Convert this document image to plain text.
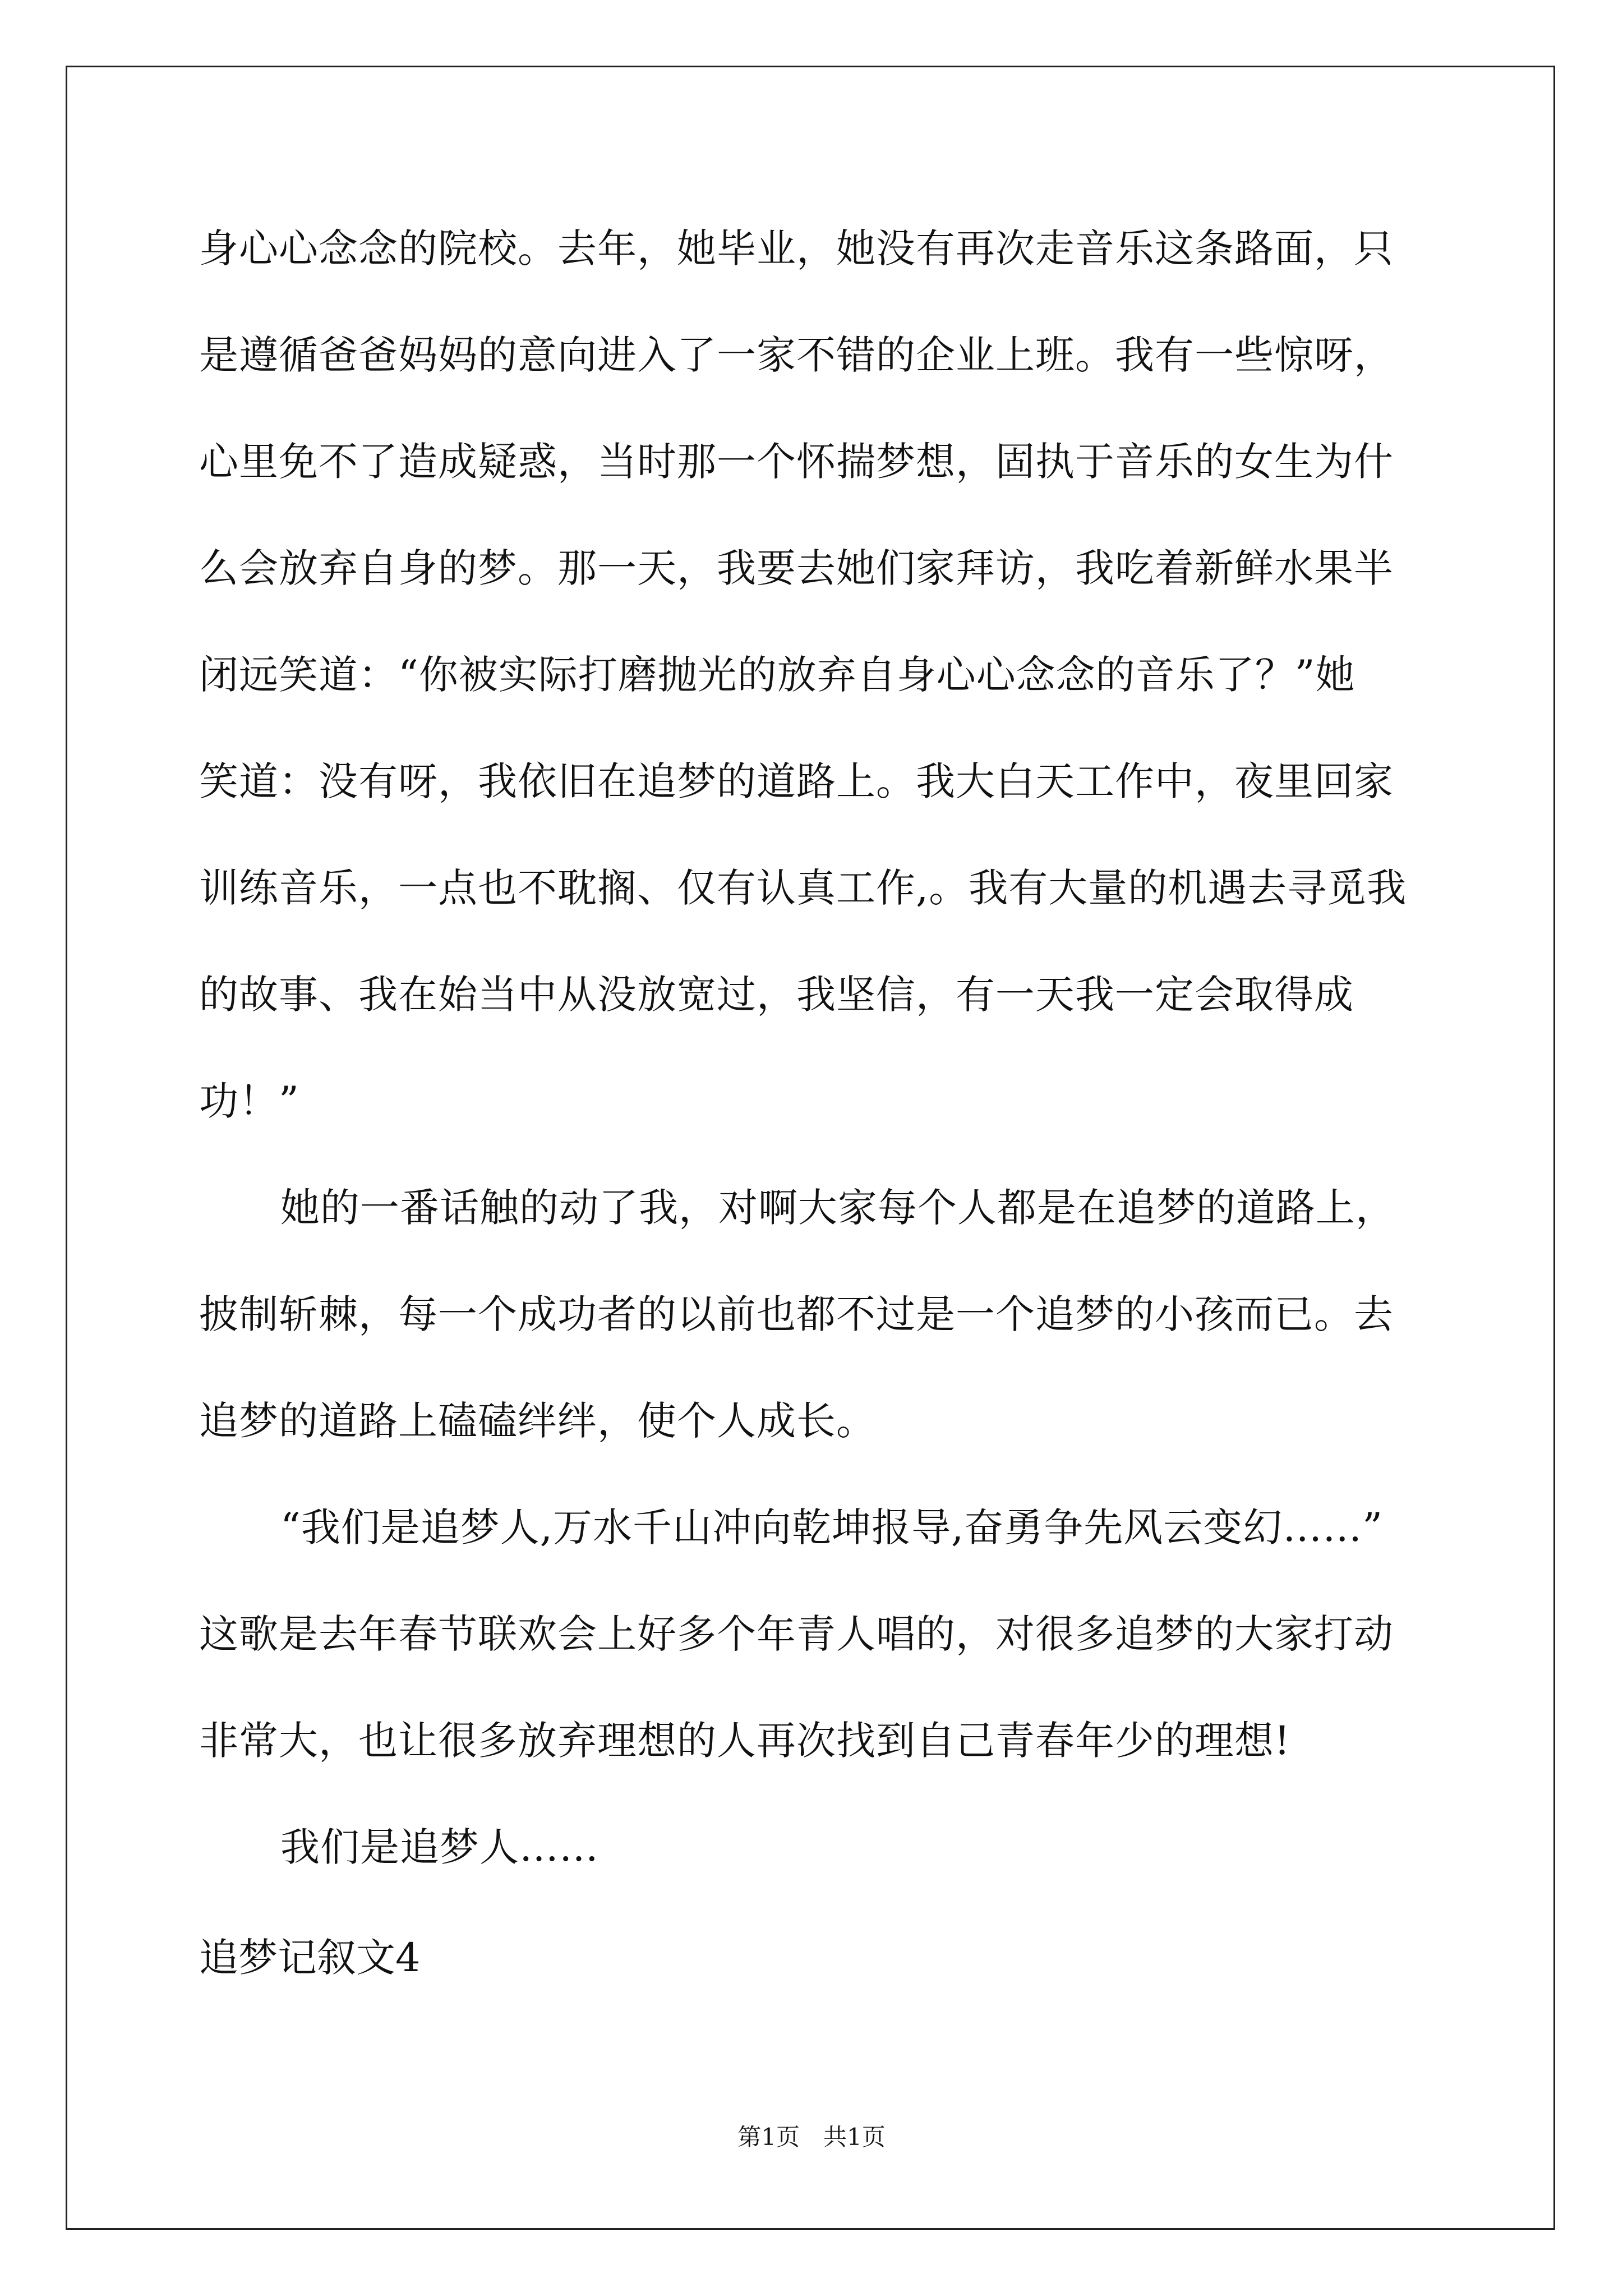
身心心念念的院校。去年，她毕业，她没有再次走音乐这条路面，只

是遵循爸爸妈妈的意向进入了一家不错的企业上班。我有一些惊呀，

心里免不了造成疑惑，当时那一个怀揣梦想，固执于音乐的女生为什

么会放弃自身的梦。那一天，我要去她们家拜访，我吃着新鲜水果半

闭远笑道：“你被实际打磨抛光的放弃自身心心念念的音乐了？”她

笑道：没有呀，我依旧在追梦的道路上。我大白天工作中，夜里回家

训练音乐，一点也不耽搁、仅有认真工作,。我有大量的机遇去寻觅我

的故事、我在始当中从没放宽过，我坚信，有一天我一定会取得成

功！”

她的一番话触的动了我，对啊大家每个人都是在追梦的道路上，

披制斩棘，每一个成功者的以前也都不过是一个追梦的小孩而已。去

追梦的道路上磕磕绊绊，使个人成长。

“我们是追梦人,万水千山冲向乾坤报导,奋勇争先风云变幻……”

这歌是去年春节联欢会上好多个年青人唱的，对很多追梦的大家打动

非常大，也让很多放弃理想的人再次找到自己青春年少的理想!

我们是追梦人……

追梦记叙文4
第1页　共1页
